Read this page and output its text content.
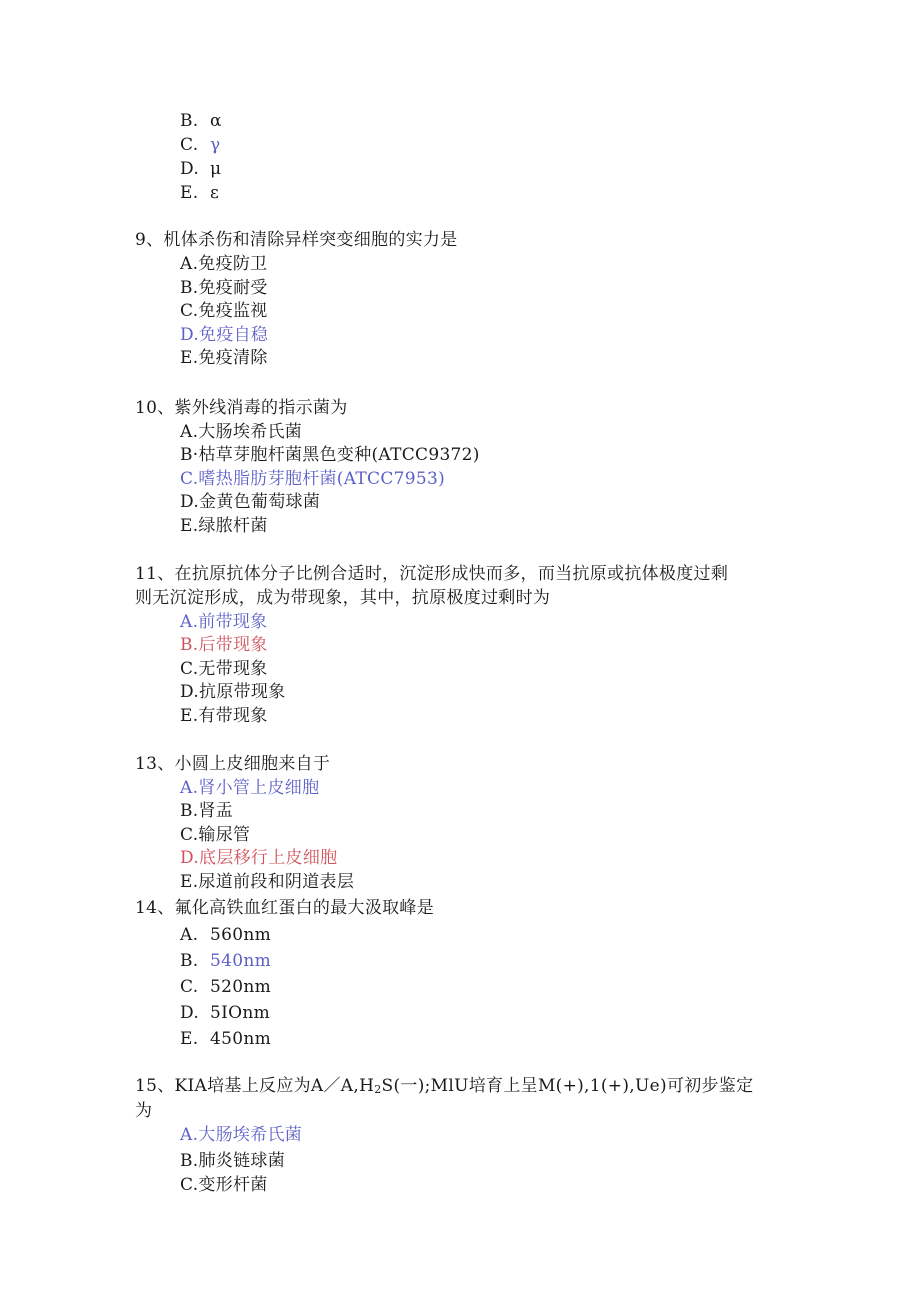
B. α
C. γ
D. μ
E. ε
9、机体杀伤和清除异样突变细胞的实力是
A.免疫防卫
B.免疫耐受
C.免疫监视
D.免疫自稳
E.免疫清除
10、紫外线消毒的指示菌为
A.大肠埃希氏菌
B·枯草芽胞杆菌黑色变种(ATCC9372)
C.嗜热脂肪芽胞杆菌(ATCC7953)
D.金黄色葡萄球菌
E.绿脓杆菌
11、在抗原抗体分子比例合适时，沉淀形成快而多，而当抗原或抗体极度过剩
则无沉淀形成，成为带现象，其中，抗原极度过剩时为
A.前带现象
B.后带现象
C.无带现象
D.抗原带现象
E.有带现象
13、小圆上皮细胞来自于
A.肾小管上皮细胞
B.肾盂
C.输尿管
D.底层移行上皮细胞
E.尿道前段和阴道表层
14、氟化高铁血红蛋白的最大汲取峰是
A. 560nm
B. 540nm
C. 520nm
D. 5IOnm
E. 450nm
15、KIA培基上反应为$A/A,H_2S$(一);MlU培育上呈M(+),1(+),Ue)可初步鉴定
为
A.大肠埃希氏菌
B.肺炎链球菌
C.变形杆菌
